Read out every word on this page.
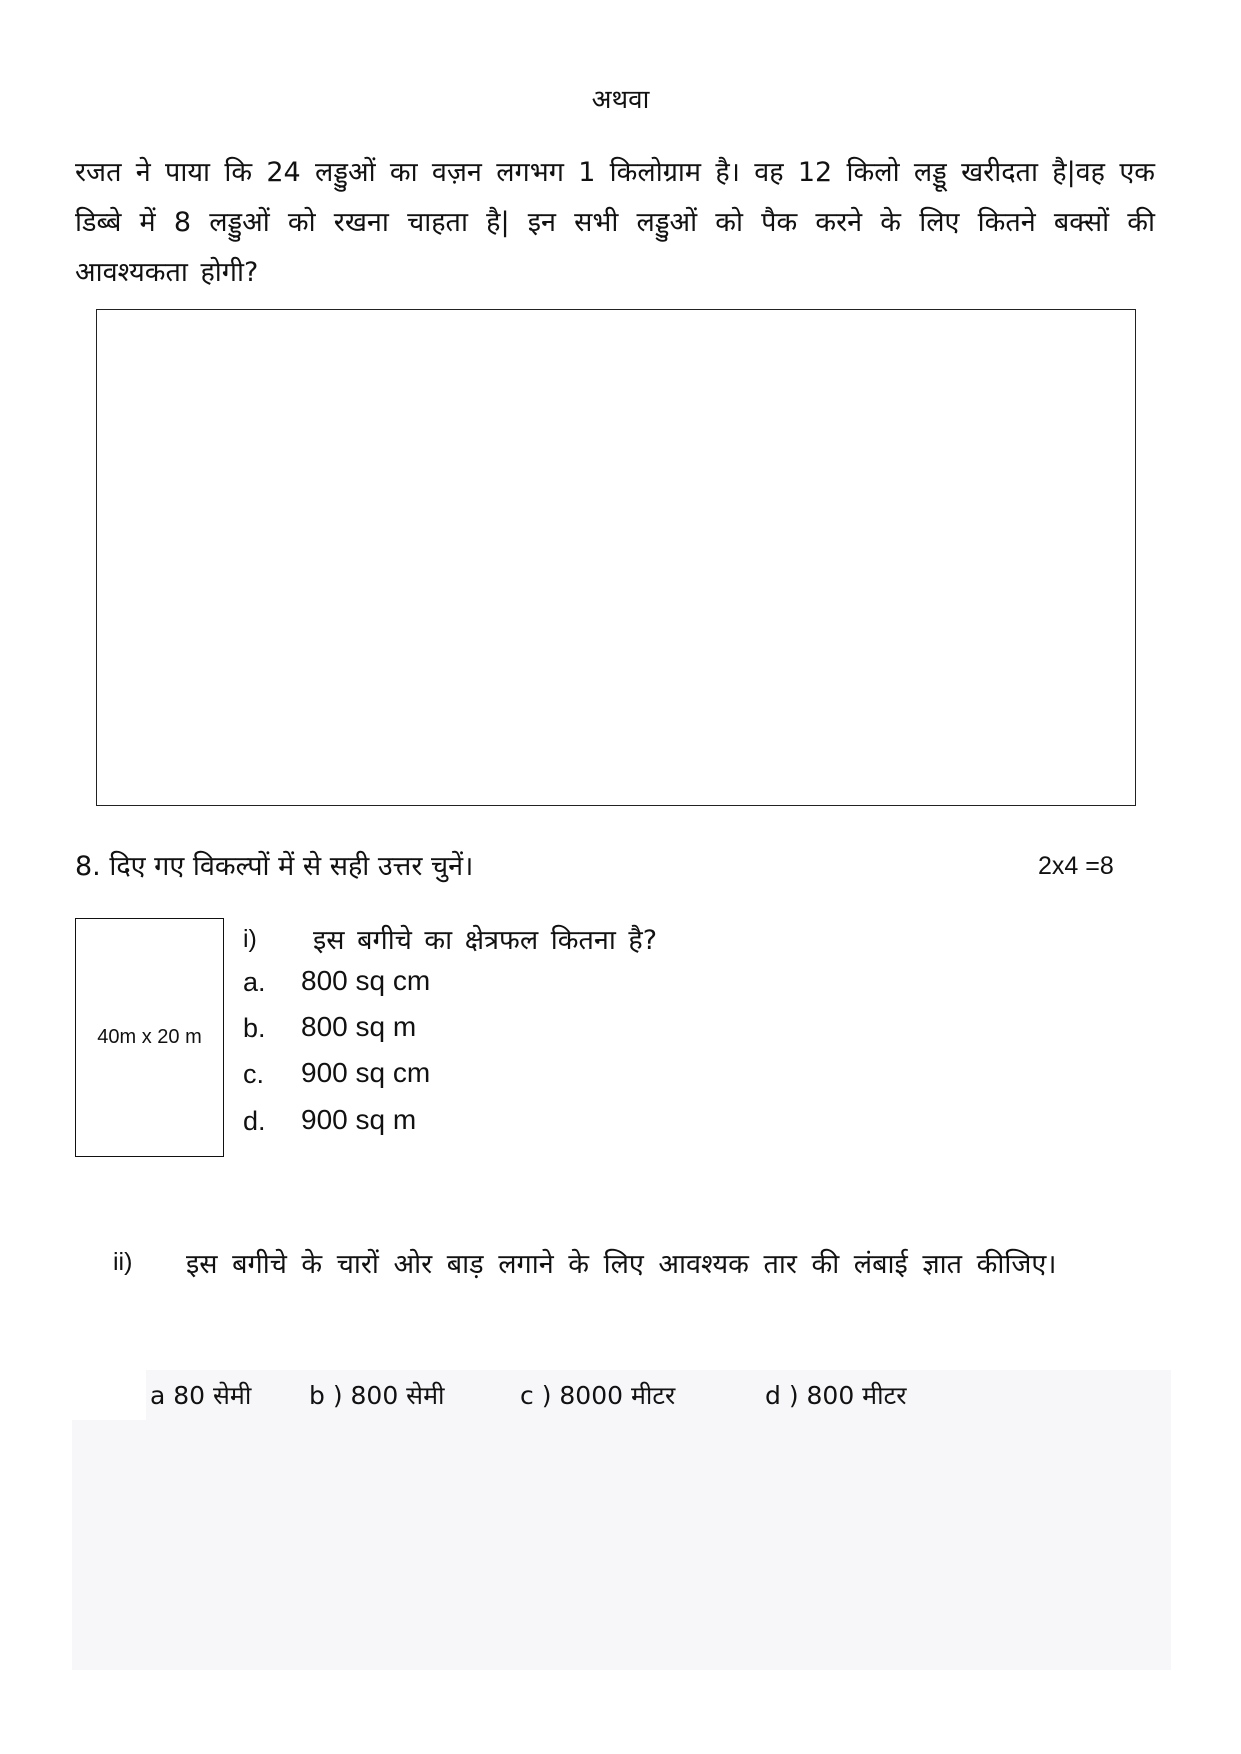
अथवा
रजत ने पाया कि 24 लड्डुओं का वज़न लगभग 1 किलोग्राम है। वह 12 किलो लड्डू खरीदता है|वह एक डिब्बे में 8 लड्डुओं को रखना चाहता है| इन सभी लड्डुओं को पैक करने के लिए कितने बक्सों की आवश्यकता होगी?
8. दिए गए विकल्पों में से सही उत्तर चुनें।	2x4 =8
40m x 20 m
i) इस बगीचे का क्षेत्रफल कितना है?
a. 800 sq cm
b. 800 sq m
c. 900 sq cm
d. 900 sq m
ii) इस बगीचे के चारों ओर बाड़ लगाने के लिए आवश्यक तार की लंबाई ज्ञात कीजिए।
a 80 सेमी b ) 800 सेमी	c ) 8000 मीटर	d ) 800 मीटर
